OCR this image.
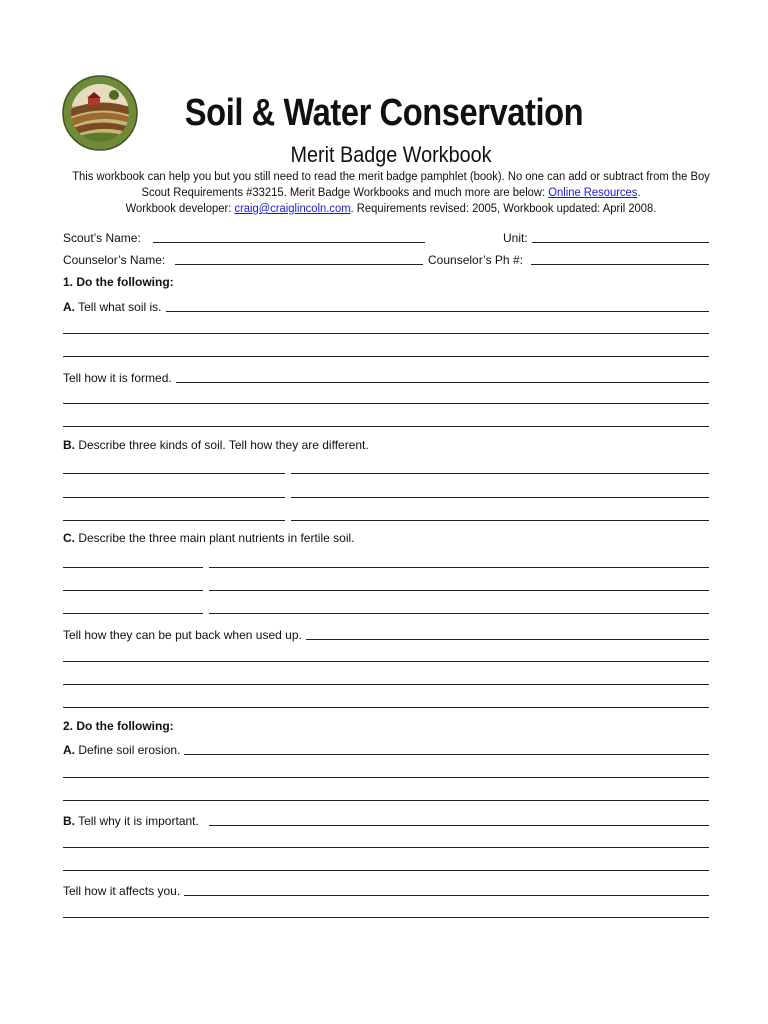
Soil & Water Conservation
Merit Badge Workbook
This workbook can help you but you still need to read the merit badge pamphlet (book). No one can add or subtract from the Boy
Scout Requirements #33215. Merit Badge Workbooks and much more are below: Online Resources.
Workbook developer: craig@craiglincoln.com. Requirements revised: 2005, Workbook updated: April 2008.
Scout’s Name:	Unit:
Counselor’s Name:	Counselor’s Ph #:
1. Do the following:
A. Tell what soil is.
Tell how it is formed.
B. Describe three kinds of soil. Tell how they are different.
C. Describe the three main plant nutrients in fertile soil.
Tell how they can be put back when used up.
2. Do the following:
A. Define soil erosion.
B. Tell why it is important.
Tell how it affects you.
